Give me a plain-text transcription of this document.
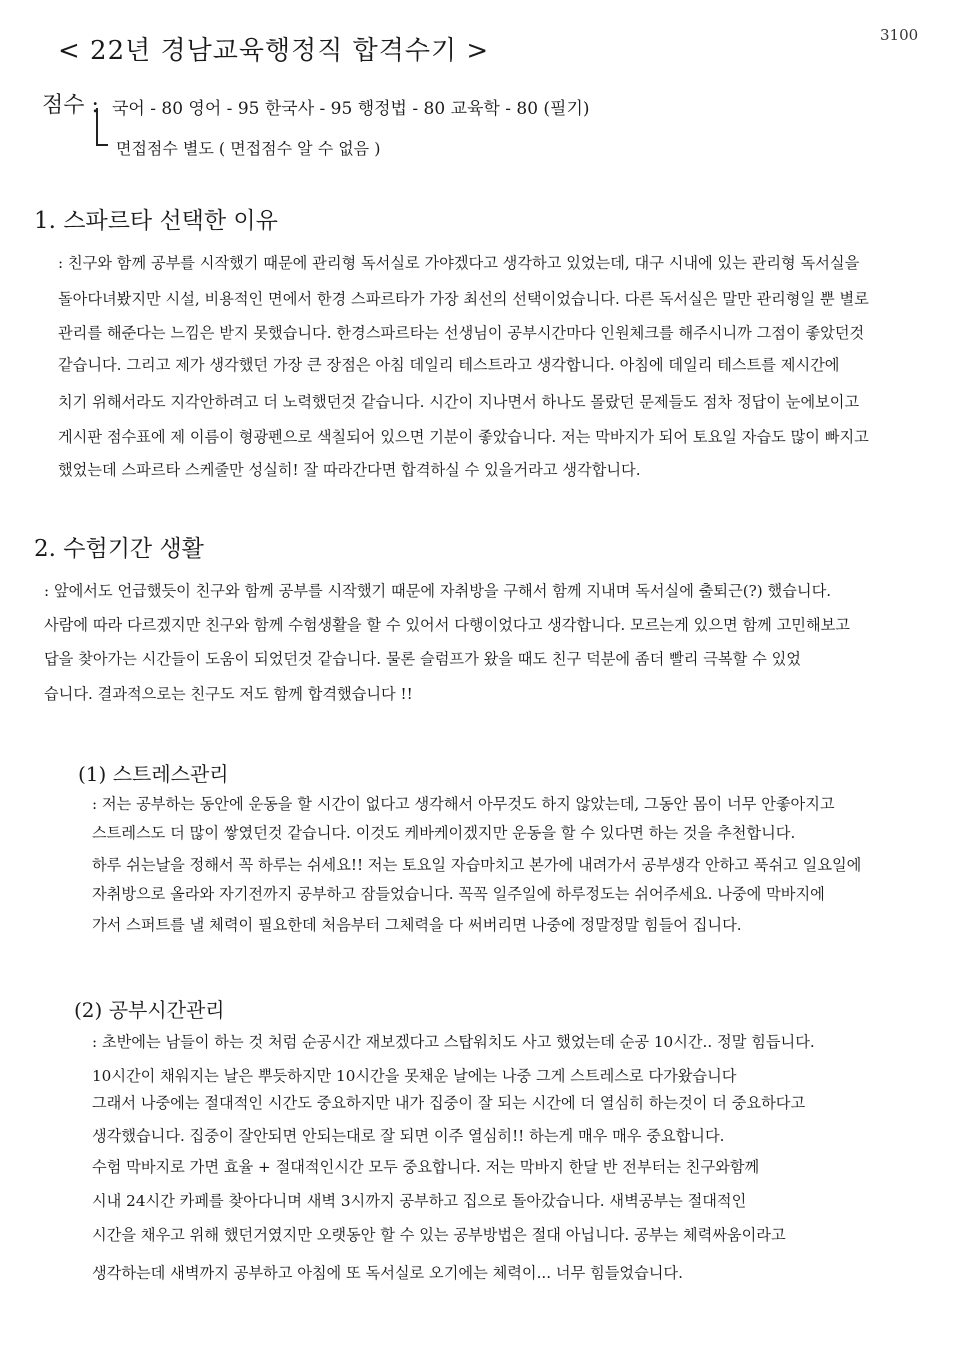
< 22년 경남교육행정직 합격수기 >
3100
점수 : 국어 - 80 영어 - 95 한국사 - 95 행정법 - 80 교육학 - 80 (필기)
면접점수 별도 ( 면접점수 알 수 없음 )
1. 스파르타 선택한 이유
: 친구와 함께 공부를 시작했기 때문에 관리형 독서실로 가야겠다고 생각하고 있었는데, 대구 시내에 있는 관리형 독서실을
돌아다녀봤지만 시설, 비용적인 면에서 한경 스파르타가 가장 최선의 선택이었습니다. 다른 독서실은 말만 관리형일 뿐 별로
관리를 해준다는 느낌은 받지 못했습니다. 한경스파르타는 선생님이 공부시간마다 인원체크를 해주시니까 그점이 좋았던것
같습니다. 그리고 제가 생각했던 가장 큰 장점은 아침 데일리 테스트라고 생각합니다. 아침에 데일리 테스트를 제시간에
치기 위해서라도 지각안하려고 더 노력했던것 같습니다. 시간이 지나면서 하나도 몰랐던 문제들도 점차 정답이 눈에보이고
게시판 점수표에 제 이름이 형광펜으로 색칠되어 있으면 기분이 좋았습니다. 저는 막바지가 되어 토요일 자습도 많이 빠지고
했었는데 스파르타 스케줄만 성실히! 잘 따라간다면 합격하실 수 있을거라고 생각합니다.
2. 수험기간 생활
: 앞에서도 언급했듯이 친구와 함께 공부를 시작했기 때문에 자취방을 구해서 함께 지내며 독서실에 출퇴근(?) 했습니다.
사람에 따라 다르겠지만 친구와 함께 수험생활을 할 수 있어서 다행이었다고 생각합니다. 모르는게 있으면 함께 고민해보고
답을 찾아가는 시간들이 도움이 되었던것 같습니다. 물론 슬럼프가 왔을 때도 친구 덕분에 좀더 빨리 극복할 수 있었
습니다. 결과적으로는 친구도 저도 함께 합격했습니다 !!
(1) 스트레스관리
: 저는 공부하는 동안에 운동을 할 시간이 없다고 생각해서 아무것도 하지 않았는데, 그동안 몸이 너무 안좋아지고
스트레스도 더 많이 쌓였던것 같습니다. 이것도 케바케이겠지만 운동을 할 수 있다면 하는 것을 추천합니다.
하루 쉬는날을 정해서 꼭 하루는 쉬세요!! 저는 토요일 자습마치고 본가에 내려가서 공부생각 안하고 푹쉬고 일요일에
자취방으로 올라와 자기전까지 공부하고 잠들었습니다. 꼭꼭 일주일에 하루정도는 쉬어주세요. 나중에 막바지에
가서 스퍼트를 낼 체력이 필요한데 처음부터 그체력을 다 써버리면 나중에 정말정말 힘들어 집니다.
(2) 공부시간관리
: 초반에는 남들이 하는 것 처럼 순공시간 재보겠다고 스탑워치도 사고 했었는데 순공 10시간.. 정말 힘듭니다.
10시간이 채워지는 날은 뿌듯하지만 10시간을 못채운 날에는 나중 그게 스트레스로 다가왔습니다
그래서 나중에는 절대적인 시간도 중요하지만 내가 집중이 잘 되는 시간에 더 열심히 하는것이 더 중요하다고
생각했습니다. 집중이 잘안되면 안되는대로 잘 되면 이주 열심히!! 하는게 매우 매우 중요합니다.
수험 막바지로 가면 효율 + 절대적인시간 모두 중요합니다. 저는 막바지 한달 반 전부터는 친구와함께
시내 24시간 카페를 찾아다니며 새벽 3시까지 공부하고 집으로 돌아갔습니다. 새벽공부는 절대적인
시간을 채우고 위해 했던거였지만 오랫동안 할 수 있는 공부방법은 절대 아닙니다. 공부는 체력싸움이라고
생각하는데 새벽까지 공부하고 아침에 또 독서실로 오기에는 체력이... 너무 힘들었습니다.
